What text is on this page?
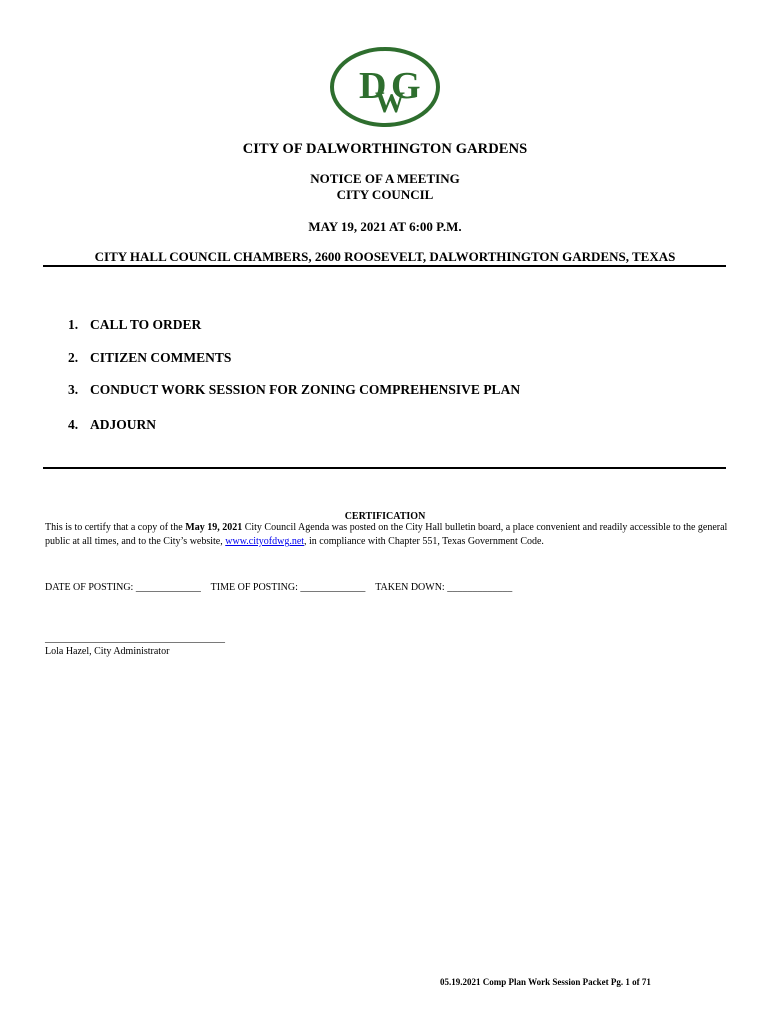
D
W
G
CITY OF DALWORTHINGTON GARDENS
NOTICE OF A MEETING
CITY COUNCIL
MAY 19, 2021 AT 6:00 P.M.
CITY HALL COUNCIL CHAMBERS, 2600 ROOSEVELT, DALWORTHINGTON GARDENS, TEXAS
1. CALL TO ORDER
2. CITIZEN COMMENTS
3. CONDUCT WORK SESSION FOR ZONING COMPREHENSIVE PLAN
4. ADJOURN
CERTIFICATION
This is to certify that a copy of the May 19, 2021 City Council Agenda was posted on the City Hall bulletin board, a place convenient and readily accessible to the general public at all times, and to the City’s website, www.cityofdwg.net, in compliance with Chapter 551, Texas Government Code.
DATE OF POSTING: _____________ TIME OF POSTING: _____________ TAKEN DOWN: _____________
____________________________________
Lola Hazel, City Administrator
05.19.2021 Comp Plan Work Session Packet Pg. 1 of 71
